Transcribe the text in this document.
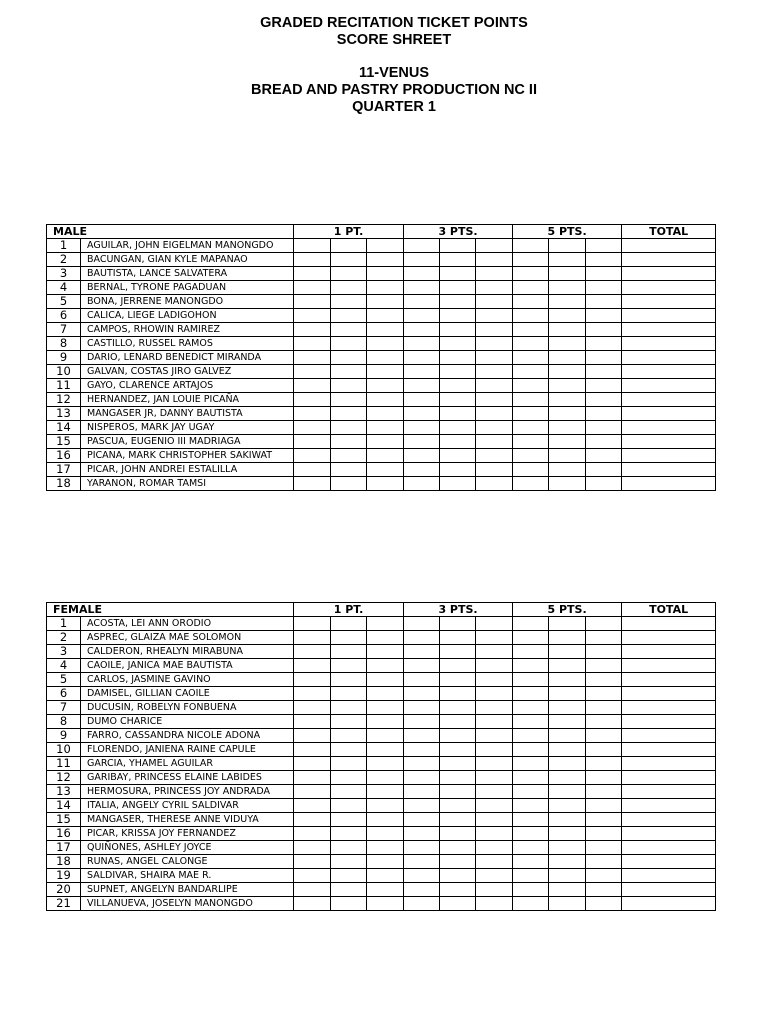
GRADED RECITATION TICKET POINTS
SCORE SHREET
11-VENUS
BREAD AND PASTRY PRODUCTION NC II
QUARTER 1
MALE		1 PT.			3 PTS.			5 PTS.			TOTAL
1	AGUILAR, JOHN EIGELMAN MANONGDO										
2	BACUNGAN, GIAN KYLE MAPANAO										
3	BAUTISTA, LANCE SALVATERA										
4	BERNAL, TYRONE PAGADUAN										
5	BONA, JERRENE MANONGDO										
6	CALICA, LIEGE LADIGOHON										
7	CAMPOS, RHOWIN RAMIREZ										
8	CASTILLO, RUSSEL RAMOS										
9	DARIO, LENARD BENEDICT MIRANDA										
10	GALVAN, COSTAS JIRO GALVEZ										
11	GAYO, CLARENCE ARTAJOS										
12	HERNANDEZ, JAN LOUIE PICAÑA										
13	MANGASER JR, DANNY BAUTISTA										
14	NISPEROS, MARK JAY UGAY										
15	PASCUA, EUGENIO III MADRIAGA										
16	PICANA, MARK CHRISTOPHER SAKIWAT										
17	PICAR, JOHN ANDREI ESTALILLA										
18	YARANON, ROMAR TAMSI										
FEMALE		1 PT.			3 PTS.			5 PTS.			TOTAL
1	ACOSTA, LEI ANN ORODIO										
2	ASPREC, GLAIZA MAE SOLOMON										
3	CALDERON, RHEALYN MIRABUNA										
4	CAOILE, JANICA MAE BAUTISTA										
5	CARLOS, JASMINE GAVINO										
6	DAMISEL, GILLIAN CAOILE										
7	DUCUSIN, ROBELYN FONBUENA										
8	DUMO CHARICE										
9	FARRO, CASSANDRA NICOLE ADONA										
10	FLORENDO, JANIENA RAINE CAPULE										
11	GARCIA, YHAMEL AGUILAR										
12	GARIBAY, PRINCESS ELAINE LABIDES										
13	HERMOSURA, PRINCESS JOY ANDRADA										
14	ITALIA, ANGELY CYRIL SALDIVAR										
15	MANGASER, THERESE ANNE VIDUYA										
16	PICAR, KRISSA JOY FERNANDEZ										
17	QUIÑONES, ASHLEY JOYCE										
18	RUNAS, ANGEL CALONGE										
19	SALDIVAR, SHAIRA MAE R.										
20	SUPNET, ANGELYN BANDARLIPE										
21	VILLANUEVA, JOSELYN MANONGDO										
